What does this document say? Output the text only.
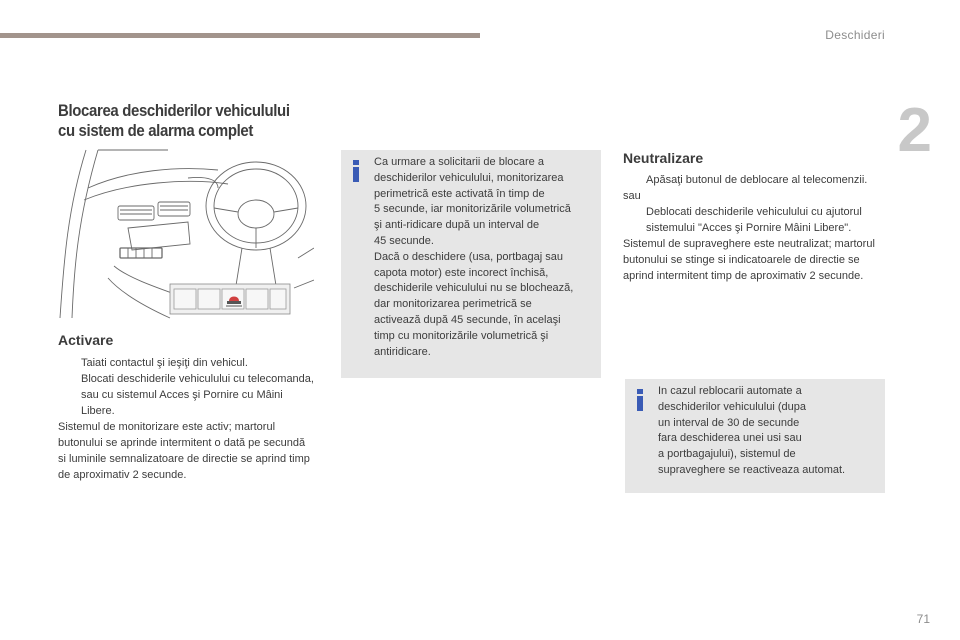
Deschideri
2
Blocarea deschiderilor vehiculului
cu sistem de alarma complet
Activare
Taiati contactul şi ieşiţi din vehicul.
Blocati deschiderile vehiculului cu telecomanda, sau cu sistemul Acces şi Pornire cu Mâini Libere.
Sistemul de monitorizare este activ; martorul butonului se aprinde intermitent o dată pe secundă si luminile semnalizatoare de directie se aprind timp de aproximativ 2 secunde.
Ca urmare a solicitarii de blocare a
deschiderilor vehiculului, monitorizarea
perimetrică este activată în timp de
5 secunde, iar monitorizările volumetrică
şi anti-ridicare după un interval de
45 secunde.
Dacă o deschidere (usa, portbagaj sau
capota motor) este incorect închisă,
deschiderile vehiculului nu se blochează,
dar monitorizarea perimetrică se
activează după 45 secunde, în acelaşi
timp cu monitorizările volumetrică şi
antiridicare.
Neutralizare
Apăsaţi butonul de deblocare al telecomenzii.
sau
Deblocati deschiderile vehiculului cu ajutorul sistemului "Acces şi Pornire Mâini Libere".
Sistemul de supraveghere este neutralizat; martorul butonului se stinge si indicatoarele de directie se aprind intermitent timp de aproximativ 2 secunde.
In cazul reblocarii automate a
deschiderilor vehiculului (dupa
un interval de 30 de secunde
fara deschiderea unei usi sau
a portbagajului), sistemul de
supraveghere se reactiveaza automat.
71
